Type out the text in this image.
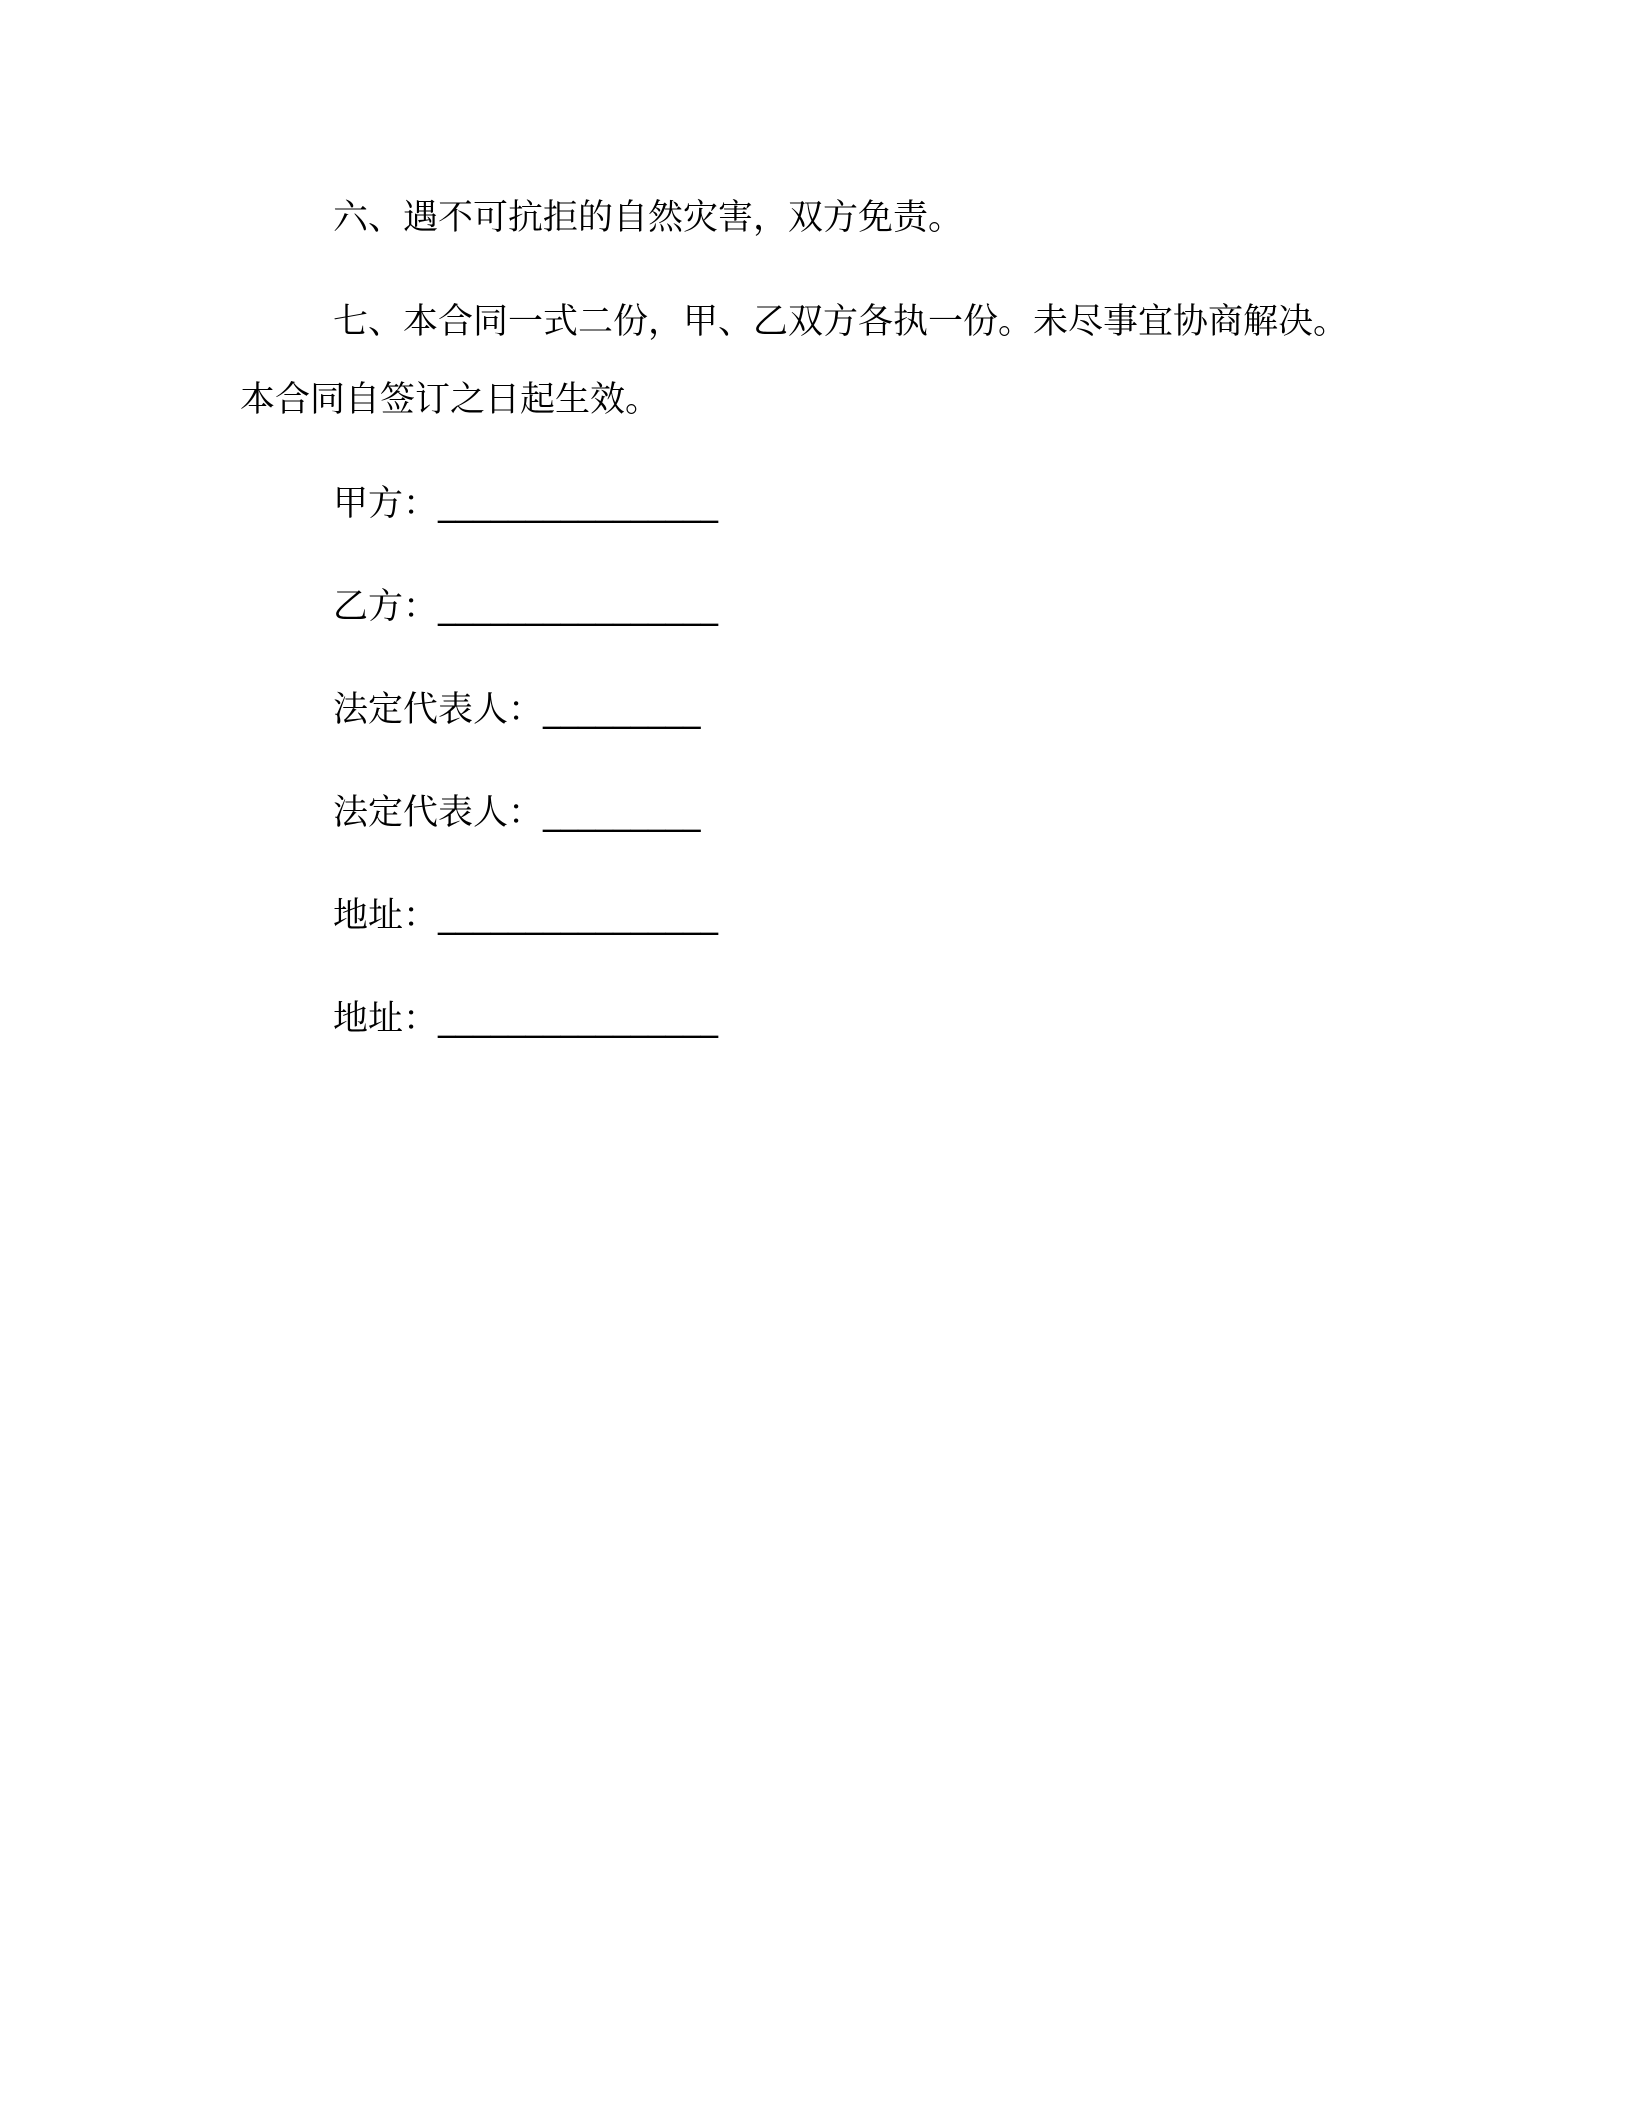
六、遇不可抗拒的自然灾害，双方免责。
七、本合同一式二份，甲、乙双方各执一份。未尽事宜协商解决。
本合同自签订之日起生效。
甲方：________________
乙方：________________
法定代表人：_________
法定代表人：_________
地址：________________
地址：________________
